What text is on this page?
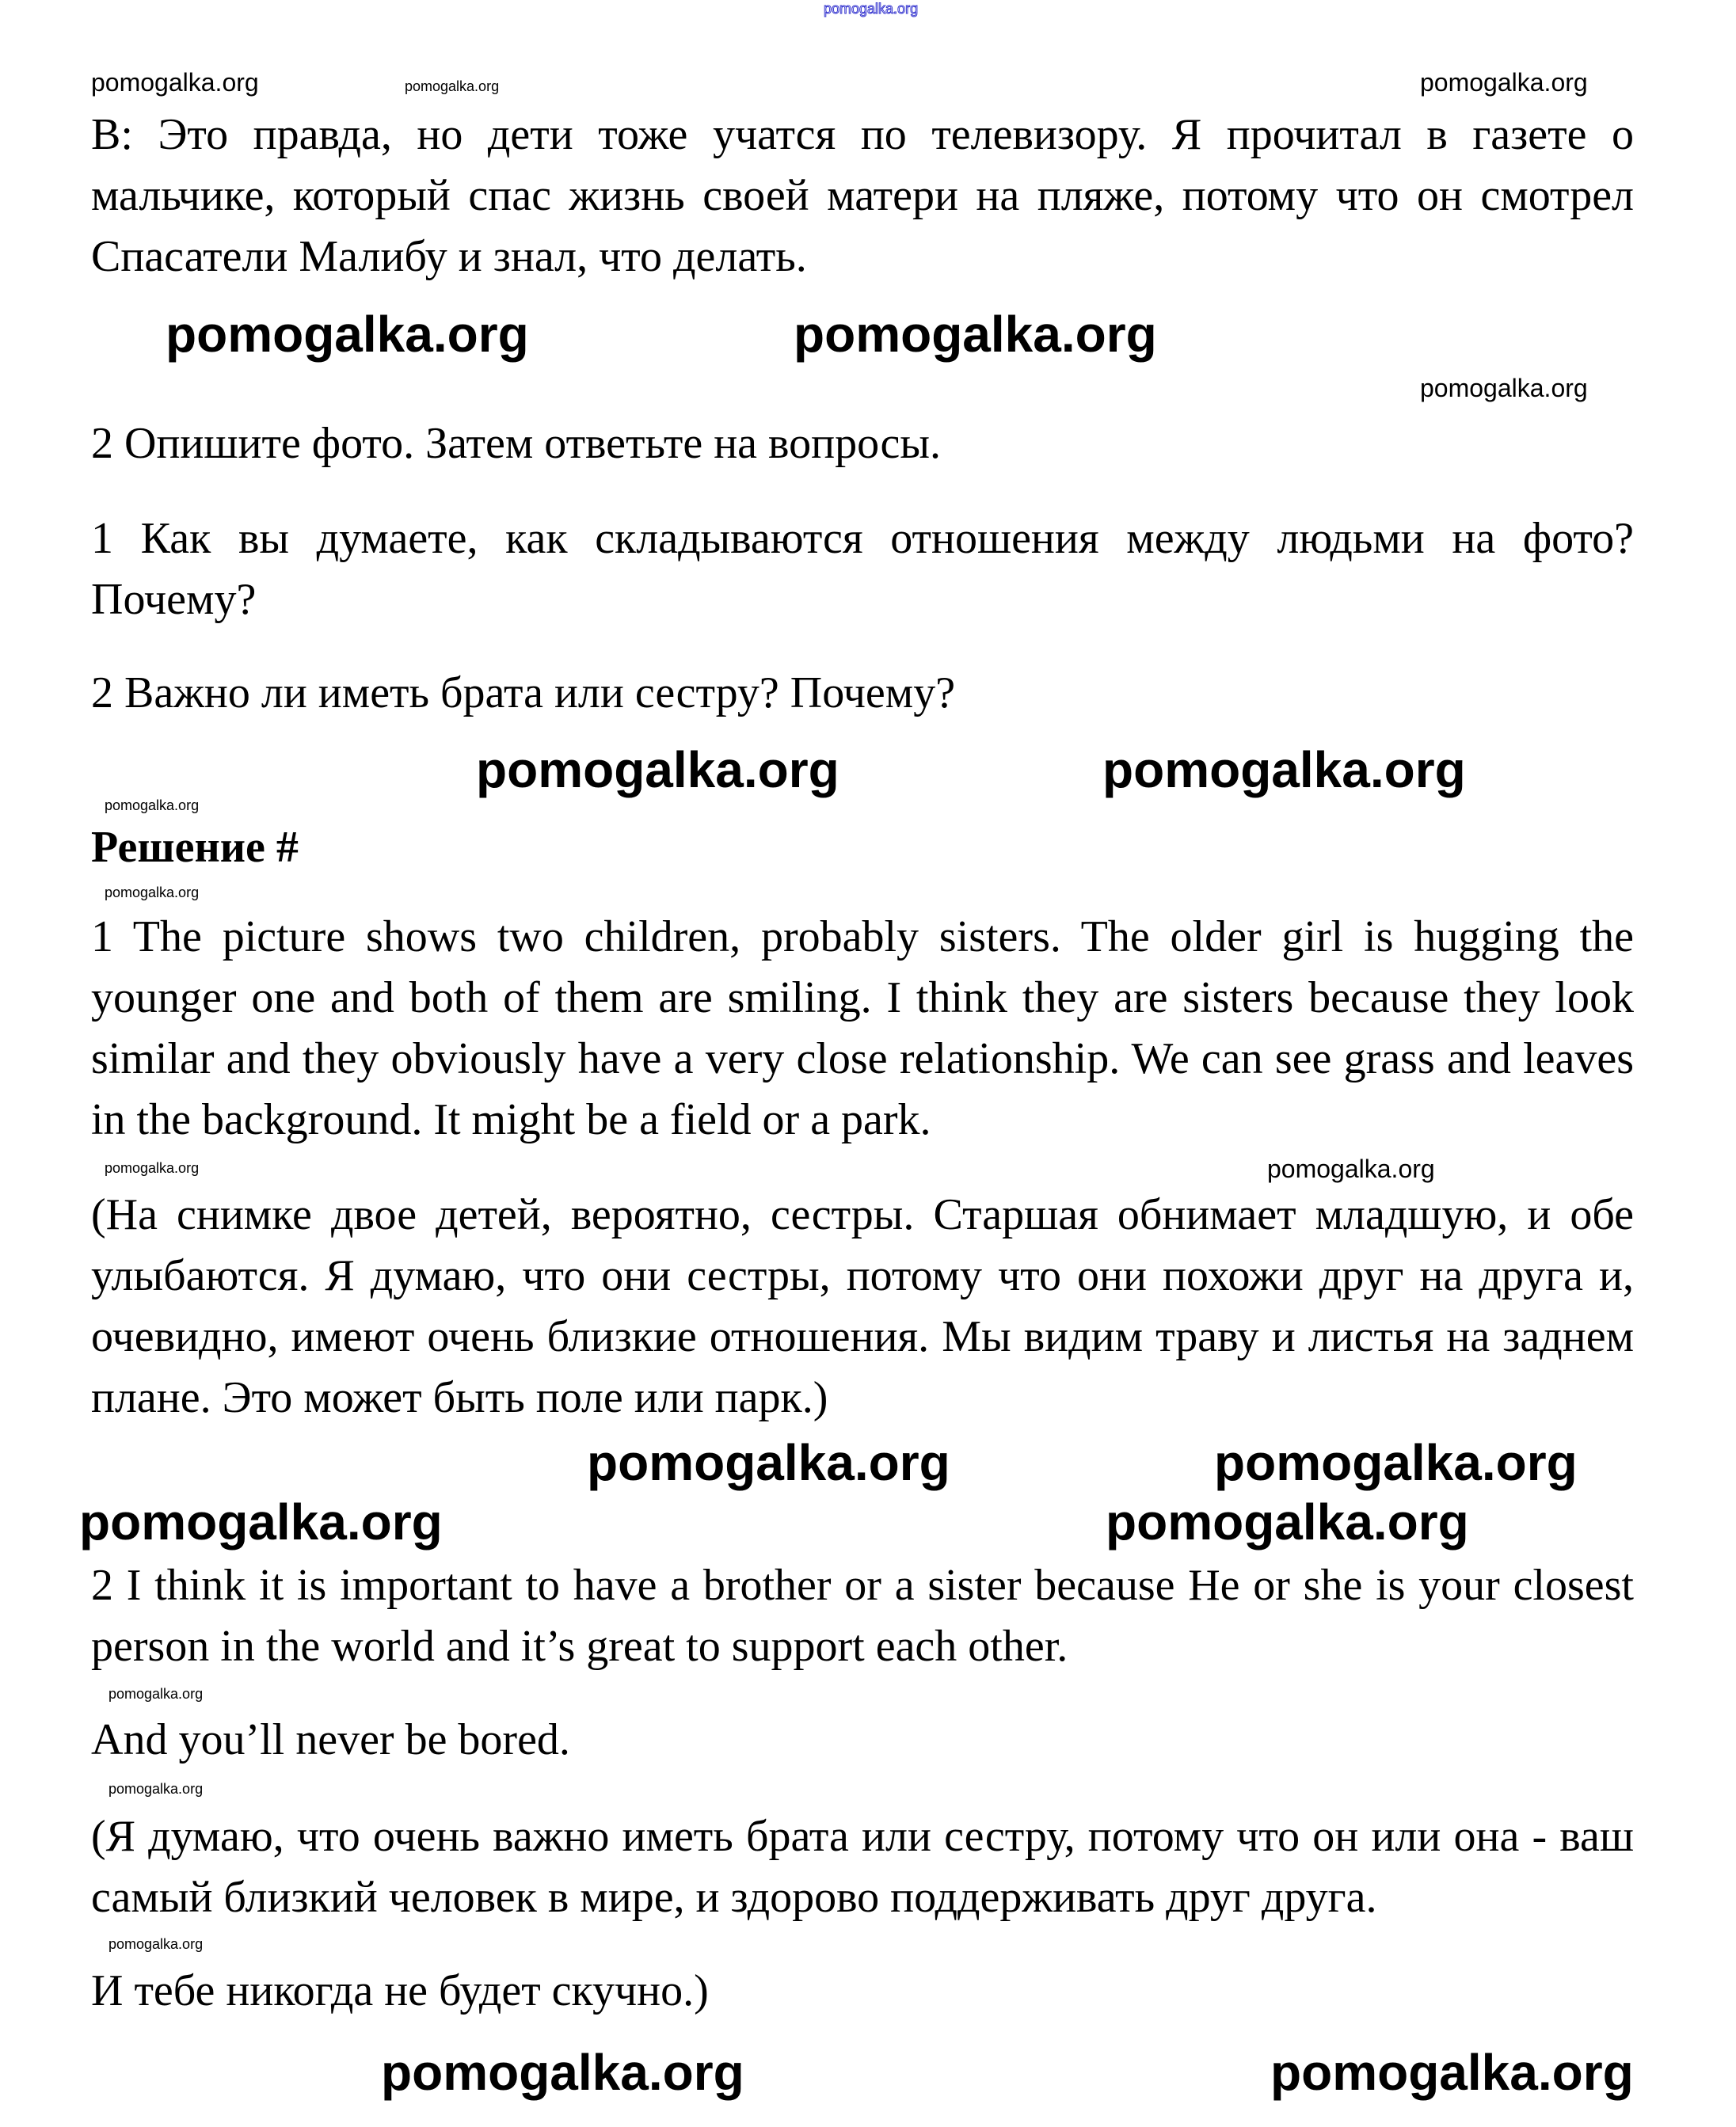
В: Это правда, но дети тоже учатся по телевизору. Я прочитал в газете о мальчике, который спас жизнь своей матери на пляже, потому что он смотрел Спасатели Малибу и знал, что делать.

2 Опишите фото. Затем ответьте на вопросы.

1 Как вы думаете, как складываются отношения между людьми на фото? Почему?

2 Важно ли иметь брата или сестру? Почему?

Решение #

1 The picture shows two children, probably sisters. The older girl is hugging the younger one and both of them are smiling. I think they are sisters because they look similar and they obviously have a very close relationship. We can see grass and leaves in the background. It might be a field or a park.

(На снимке двое детей, вероятно, сестры. Старшая обнимает младшую, и обе улыбаются. Я думаю, что они сестры, потому что они похожи друг на друга и, очевидно, имеют очень близкие отношения. Мы видим траву и листья на заднем плане. Это может быть поле или парк.)

2 I think it is important to have a brother or a sister because He or she is your closest person in the world and it’s great to support each other.

And you’ll never be bored.

(Я думаю, что очень важно иметь брата или сестру, потому что он или она - ваш самый близкий человек в мире, и здорово поддерживать друг друга.

И тебе никогда не будет скучно.)

pomogalka.org
pomogalka.org	pomogalka.org	pomogalka.org
pomogalka.org
pomogalka.org
pomogalka.org
pomogalka.org
pomogalka.org
pomogalka.org
pomogalka.org
pomogalka.org
pomogalka.org
pomogalka.org
pomogalka.org
pomogalka.org
pomogalka.org	pomogalka.org
pomogalka.org
pomogalka.org
pomogalka.org	pomogalka.org
